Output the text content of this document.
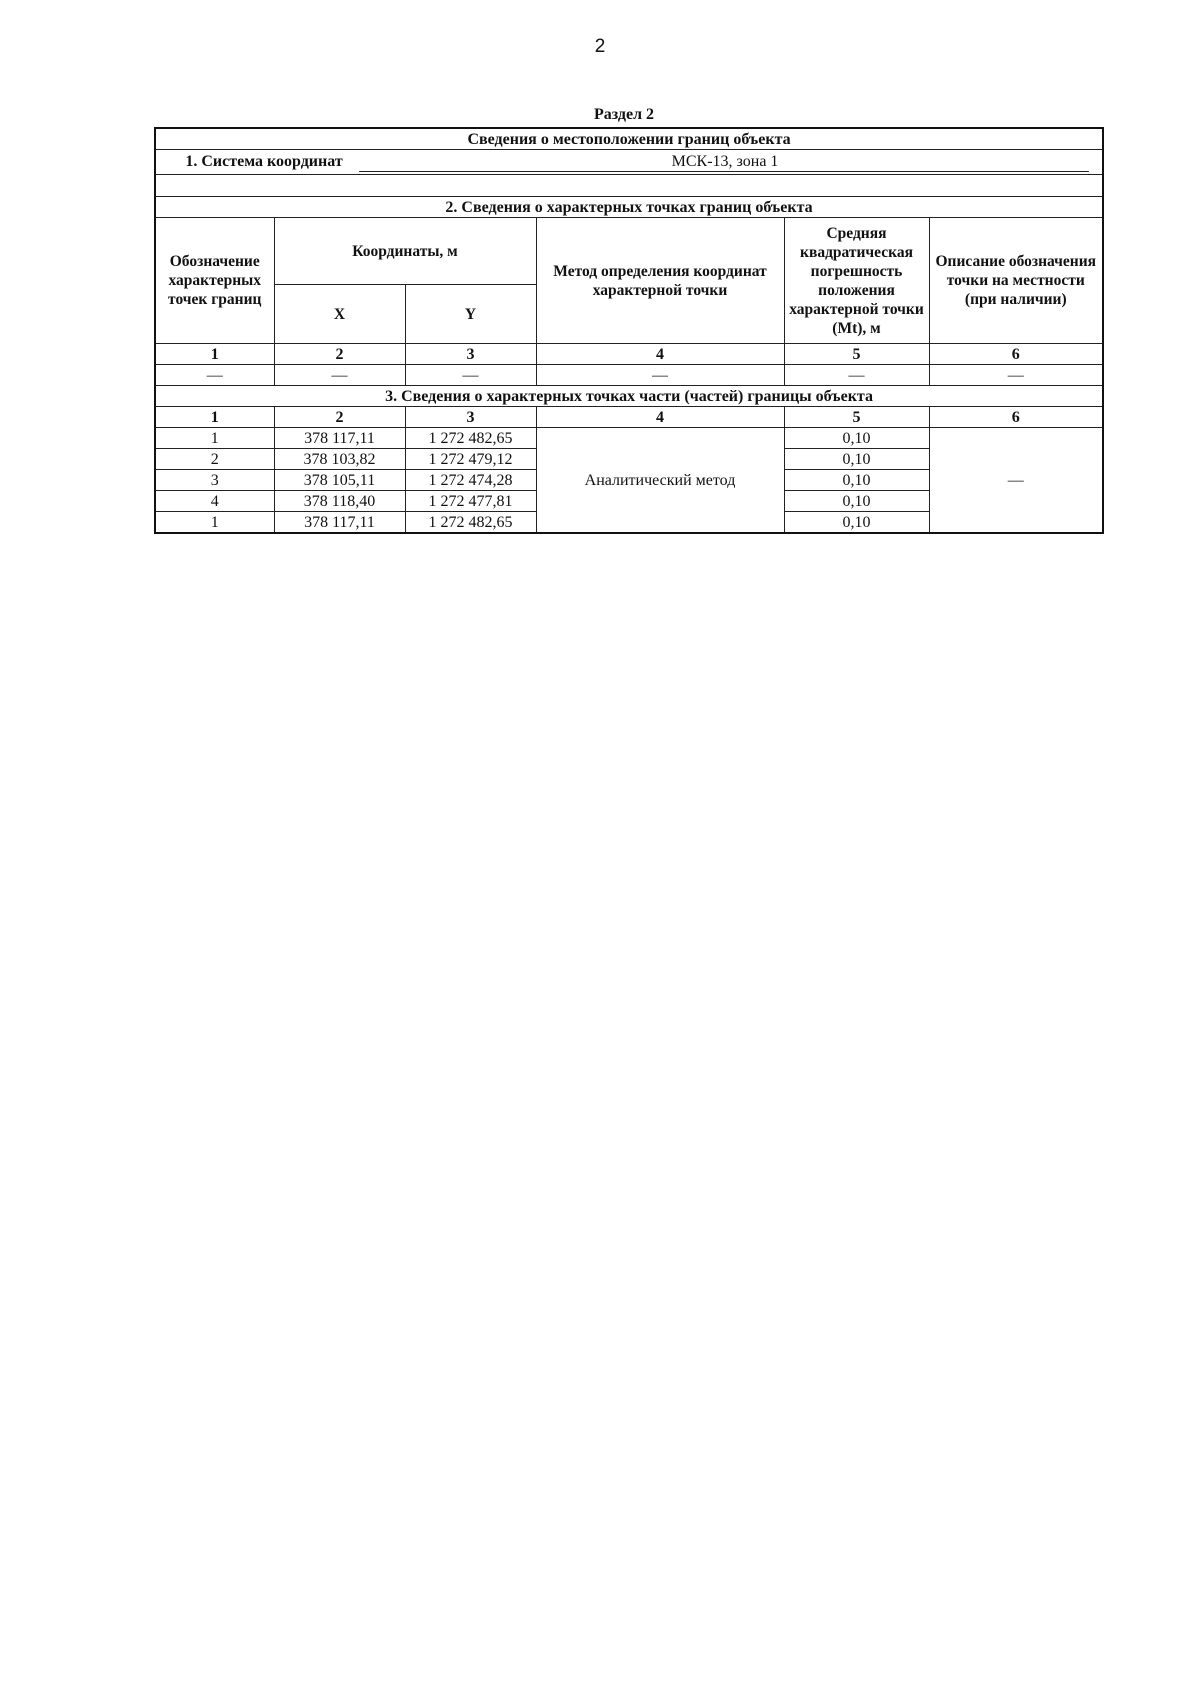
2
Раздел 2
Сведения о местоположении границ объекта					
1. Система координат МСК-13, зона 1					

2. Сведения о характерных точках границ объекта					
Обозначение характерных точек границ	Координаты, м		Метод определения координат характерной точки	Средняя квадратическая погрешность положения характерной точки (Mt), м	Описание обозначения точки на местности (при наличии)
	X	Y			
1	2	3	4	5	6
—	—	—	—	—	—
3. Сведения о характерных точках части (частей) границы объекта					
1	2	3	4	5	6
1	378 117,11	1 272 482,65	Аналитический метод	0,10	—
2	378 103,82	1 272 479,12		0,10	
3	378 105,11	1 272 474,28		0,10	
4	378 118,40	1 272 477,81		0,10	
1	378 117,11	1 272 482,65		0,10	
